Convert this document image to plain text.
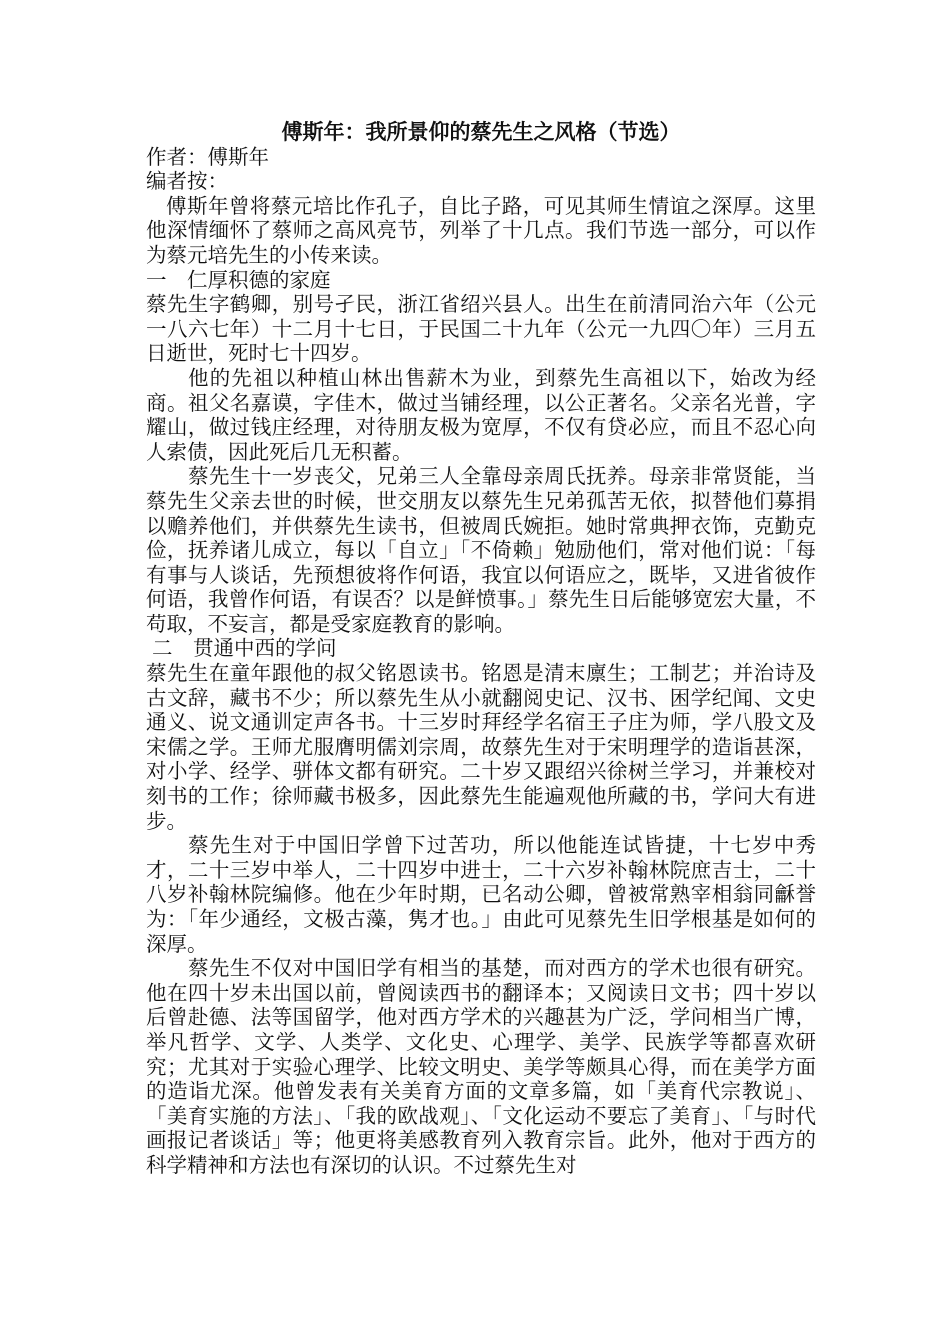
傅斯年：我所景仰的蔡先生之风格（节选）

作者：傅斯年

编者按：

傅斯年曾将蔡元培比作孔子，自比子路，可见其师生情谊之深厚。这里他深情缅怀了蔡师之高风亮节，列举了十几点。我们节选一部分，可以作为蔡元培先生的小传来读。

一　仁厚积德的家庭

蔡先生字鹤卿，别号孑民，浙江省绍兴县人。出生在前清同治六年（公元一八六七年）十二月十七日，于民国二十九年（公元一九四〇年）三月五日逝世，死时七十四岁。

他的先祖以种植山林出售薪木为业，到蔡先生高祖以下，始改为经商。祖父名嘉谟，字佳木，做过当铺经理，以公正著名。父亲名光普，字耀山，做过钱庄经理，对待朋友极为宽厚，不仅有贷必应，而且不忍心向人索债，因此死后几无积蓄。

蔡先生十一岁丧父，兄弟三人全靠母亲周氏抚养。母亲非常贤能，当蔡先生父亲去世的时候，世交朋友以蔡先生兄弟孤苦无依，拟替他们募捐以赡养他们，并供蔡先生读书，但被周氏婉拒。她时常典押衣饰，克勤克俭，抚养诸儿成立，每以「自立」「不倚赖」勉励他们，常对他们说：「每有事与人谈话，先预想彼将作何语，我宜以何语应之，既毕，又进省彼作何语，我曾作何语，有误否？以是鲜愤事。」蔡先生日后能够宽宏大量，不苟取，不妄言，都是受家庭教育的影响。

二　贯通中西的学问

蔡先生在童年跟他的叔父铭恩读书。铭恩是清末廪生；工制艺；并治诗及古文辞，藏书不少；所以蔡先生从小就翻阅史记、汉书、困学纪闻、文史通义、说文通训定声各书。十三岁时拜经学名宿王子庄为师，学八股文及宋儒之学。王师尤服膺明儒刘宗周，故蔡先生对于宋明理学的造诣甚深，对小学、经学、骈体文都有研究。二十岁又跟绍兴徐树兰学习，并兼校对刻书的工作；徐师藏书极多，因此蔡先生能遍观他所藏的书，学问大有进步。

蔡先生对于中国旧学曾下过苦功，所以他能连试皆捷，十七岁中秀才，二十三岁中举人，二十四岁中进士，二十六岁补翰林院庶吉士，二十八岁补翰林院编修。他在少年时期，已名动公卿，曾被常熟宰相翁同龢誉为：「年少通经，文极古藻，隽才也。」由此可见蔡先生旧学根基是如何的深厚。

蔡先生不仅对中国旧学有相当的基楚，而对西方的学术也很有研究。他在四十岁未出国以前，曾阅读西书的翻译本；又阅读日文书；四十岁以后曾赴德、法等国留学，他对西方学术的兴趣甚为广泛，学问相当广博，举凡哲学、文学、人类学、文化史、心理学、美学、民族学等都喜欢研究；尤其对于实验心理学、比较文明史、美学等颇具心得，而在美学方面的造诣尤深。他曾发表有关美育方面的文章多篇，如「美育代宗教说」、「美育实施的方法」、「我的欧战观」、「文化运动不要忘了美育」、「与时代画报记者谈话」等；他更将美感教育列入教育宗旨。此外，他对于西方的科学精神和方法也有深切的认识。不过蔡先生对
